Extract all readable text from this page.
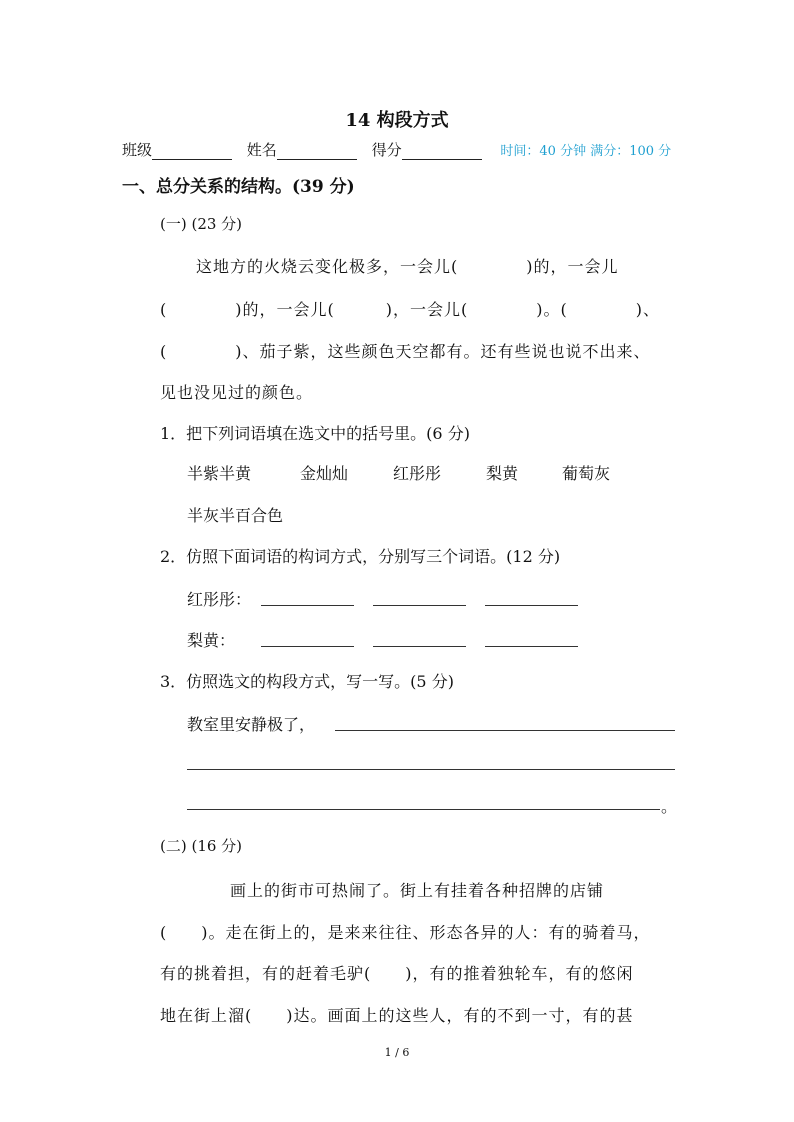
14 构段方式
班级	姓名	得分	时间：40 分钟 满分：100 分
一、总分关系的结构。(39 分)
(一) (23 分)
这地方的火烧云变化极多，一会儿(　　　　)的，一会儿
(　　　　)的，一会儿(　　　)，一会儿(　　　　)。(　　　　)、
(　　　　)、茄子紫，这些颜色天空都有。还有些说也说不出来、
见也没见过的颜色。
1．把下列词语填在选文中的括号里。(6 分)
半紫半黄	金灿灿	红彤彤	梨黄	葡萄灰
半灰半百合色
2．仿照下面词语的构词方式，分别写三个词语。(12 分)
红彤彤：
梨黄：
3．仿照选文的构段方式，写一写。(5 分)
教室里安静极了，
。
(二) (16 分)
画上的街市可热闹了。街上有挂着各种招牌的店铺
(　　)。走在街上的，是来来往往、形态各异的人：有的骑着马，
有的挑着担，有的赶着毛驴(　　)，有的推着独轮车，有的悠闲
地在街上溜(　　)达。画面上的这些人，有的不到一寸，有的甚
1 / 6
